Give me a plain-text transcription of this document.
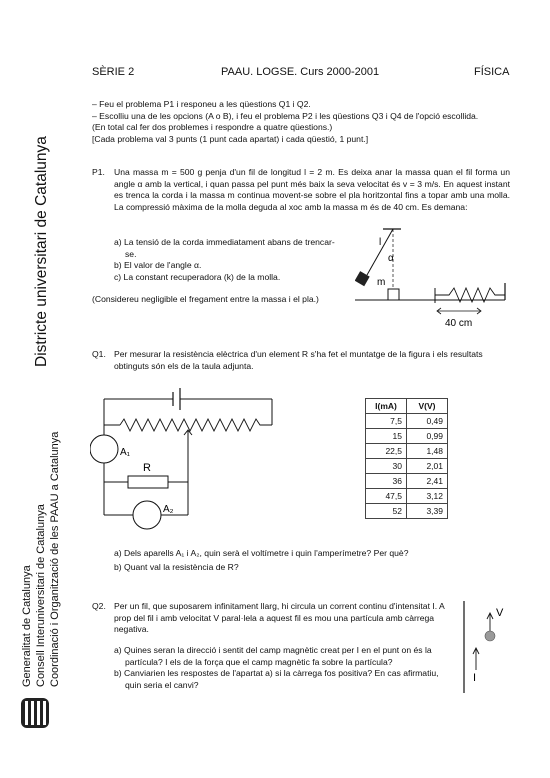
SÈRIE 2	PAAU. LOGSE. Curs 2000-2001	FÍSICA
Districte universitari de Catalunya
Generalitat de Catalunya Consell Interuniversitari de Catalunya Coordinació i Organització de les PAAU a Catalunya

– Feu el problema P1 i responeu a les qüestions Q1 i Q2.

– Escolliu una de les opcions (A o B), i feu el problema P2 i les qüestions Q3 i Q4 de l'opció escollida.

(En total cal fer dos problemes i respondre a quatre qüestions.)

[Cada problema val 3 punts (1 punt cada apartat) i cada qüestió, 1 punt.]

P1. Una massa m = 500 g penja d'un fil de longitud l = 2 m. Es deixa anar la massa quan el fil forma un angle α amb la vertical, i quan passa pel punt més baix la seva velocitat és v = 3 m/s. En aquest instant es trenca la corda i la massa m continua movent-se sobre el pla horitzontal fins a topar amb una molla. La compressió màxima de la molla deguda al xoc amb la massa m és de 40 cm. Es demana:

a) La tensió de la corda immediatament abans de trencar-se.

b) El valor de l'angle α.

c) La constant recuperadora (k) de la molla.

(Considereu negligible el fregament entre la massa i el pla.)
l
α
m
40 cm
Q1. Per mesurar la resistència elèctrica d'un element R s'ha fet el muntatge de la figura i els resultats obtinguts són els de la taula adjunta.
A₁
R
A₂
I(mA)	V(V)
7,5	0,49
15	0,99
22,5	1,48
30	2,01
36	2,41
47,5	3,12
52	3,39

a) Dels aparells A₁ i A₂, quin serà el voltímetre i quin l'amperímetre? Per què?

b) Quant val la resistència de R?

Q2. Per un fil, que suposarem infinitament llarg, hi circula un corrent continu d'intensitat I. A prop del fil i amb velocitat V paral·lela a aquest fil es mou una partícula amb càrrega negativa.

a) Quines seran la direcció i sentit del camp magnètic creat per I en el punt on és la partícula? I els de la força que el camp magnètic fa sobre la partícula?

b) Canviarien les respostes de l'apartat a) si la càrrega fos positiva? En cas afirmatiu, quin seria el canvi?

I
V
